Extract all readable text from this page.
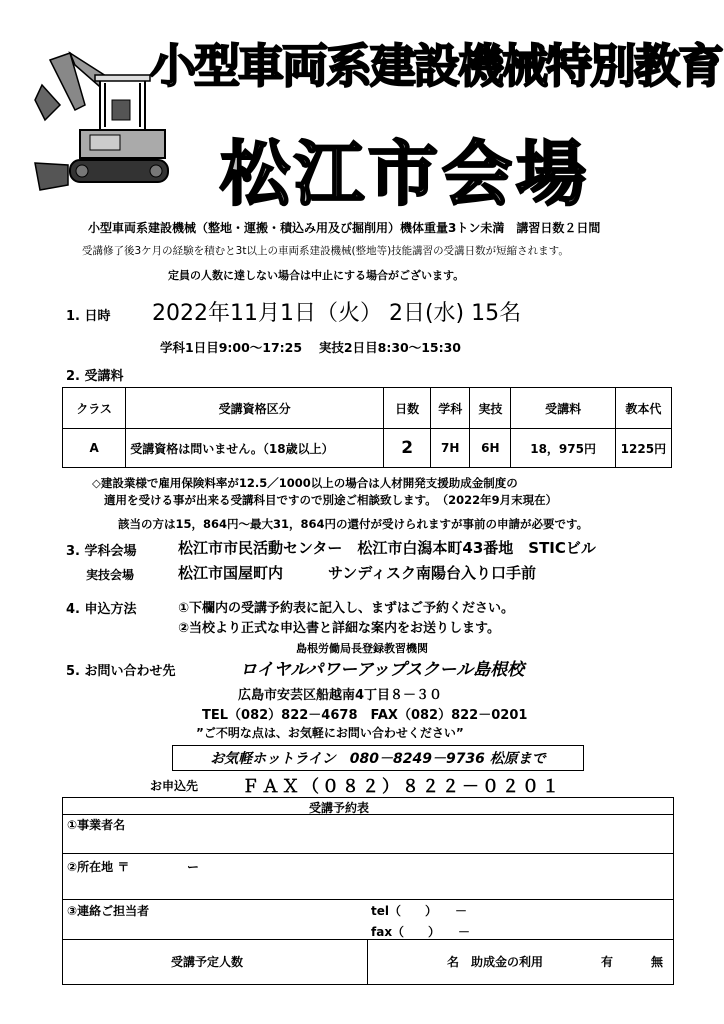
小型車両系建設機械特別教育
松江市会場
小型車両系建設機械（整地・運搬・積込み用及び掘削用）機体重量3トン未満　講習日数２日間
受講修了後3ケ月の経験を積むと3t以上の車両系建設機械(整地等)技能講習の受講日数が短縮されます。
定員の人数に達しない場合は中止にする場合がございます。
1. 日時 2022年11月1日（火） 2日(水) 15名
学科1日目9:00～17:25　 実技2日目8:30～15:30
2. 受講料
クラス	受講資格区分	日数	学科	実技	受講料	教本代
A	受講資格は問いません。（18歳以上）	2	7H	6H	18，975円	1225円
◇建設業様で雇用保険料率が12.5／1000以上の場合は人材開発支援助成金制度の
適用を受ける事が出来る受講科目ですので別途ご相談致します。　（2022年9月末現在）
該当の方は15，864円～最大31，864円の還付が受けられますが事前の申請が必要です。
3. 学科会場	松江市市民活動センター　松江市白潟本町43番地　STICビル
実技会場	松江市国屋町内　　　サンディスク南陽台入り口手前
4. 申込方法	①下欄内の受講予約表に記入し、まずはご予約ください。
②当校より正式な申込書と詳細な案内をお送りします。
島根労働局長登録教習機関
5. お問い合わせ先	ロイヤルパワーアップスクール島根校
広島市安芸区船越南4丁目８－３０
TEL（082）822－4678　FAX（082）822－0201
”ご不明な点は、お気軽にお問い合わせください”
お気軽ホットライン　080－8249－9736 松原まで
お申込先	ＦＡＸ（０８２）８２２－０２０１
受講予約表
①事業者名
②所在地 〒	ー
③連絡ご担当者	tel（　　）　　－
fax（　　）　　－
受講予定人数	名 助成金の利用	有	無
